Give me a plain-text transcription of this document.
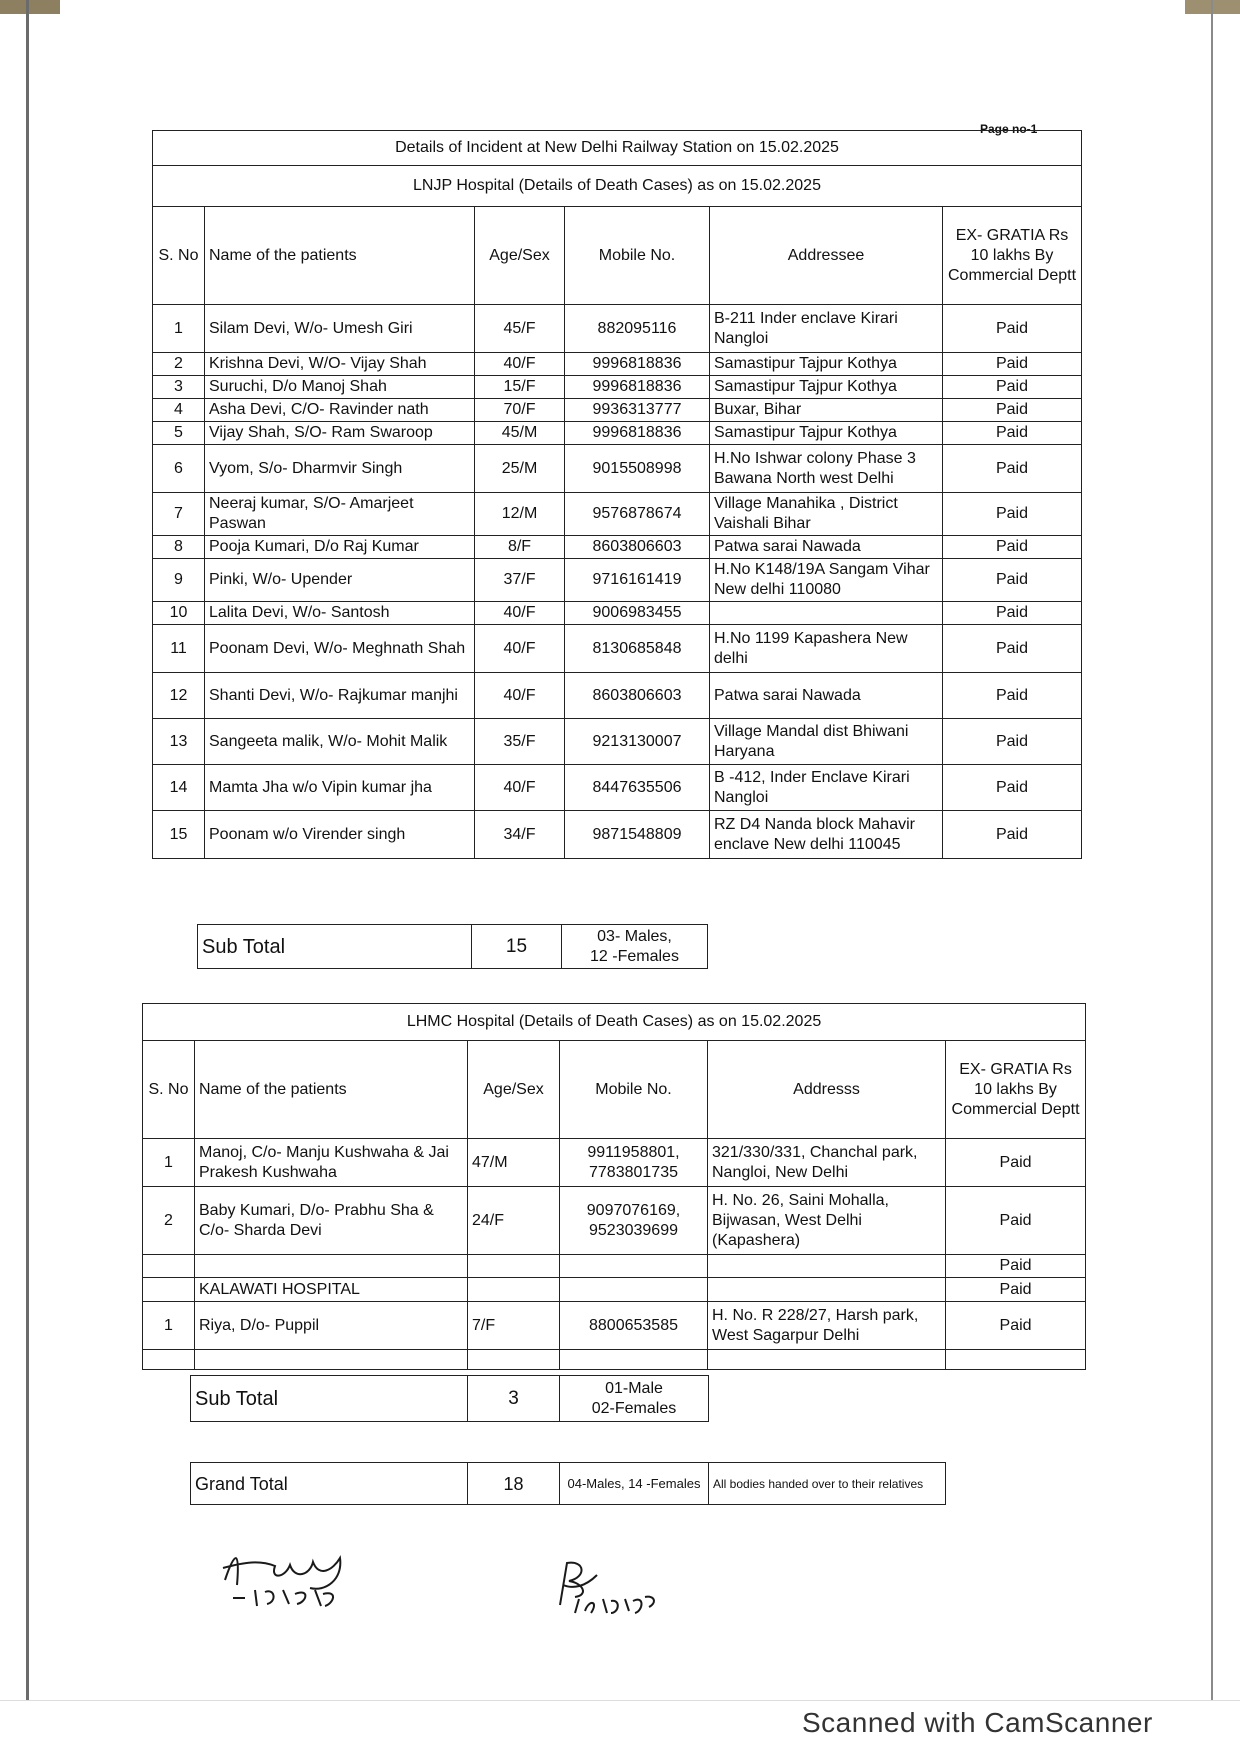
Page no-1
Details of Incident at New Delhi Railway Station on 15.02.2025					
LNJP Hospital (Details of Death Cases) as on 15.02.2025					
S. No	Name of the patients	Age/Sex	Mobile No.	Addressee	EX- GRATIA Rs 10 lakhs By Commercial Deptt
1	Silam Devi, W/o- Umesh Giri	45/F	882095116	B-211 Inder enclave Kirari Nangloi	Paid
2	Krishna Devi, W/O- Vijay Shah	40/F	9996818836	Samastipur Tajpur Kothya	Paid
3	Suruchi, D/o Manoj Shah	15/F	9996818836	Samastipur Tajpur Kothya	Paid
4	Asha Devi, C/O- Ravinder nath	70/F	9936313777	Buxar, Bihar	Paid
5	Vijay Shah, S/O- Ram Swaroop	45/M	9996818836	Samastipur Tajpur Kothya	Paid
6	Vyom, S/o- Dharmvir Singh	25/M	9015508998	H.No Ishwar colony Phase 3 Bawana North west Delhi	Paid
7	Neeraj kumar, S/O- Amarjeet Paswan	12/M	9576878674	Village Manahika , District Vaishali Bihar	Paid
8	Pooja Kumari, D/o Raj Kumar	8/F	8603806603	Patwa sarai Nawada	Paid
9	Pinki, W/o- Upender	37/F	9716161419	H.No K148/19A Sangam Vihar New delhi 110080	Paid
10	Lalita Devi, W/o- Santosh	40/F	9006983455		Paid
11	Poonam Devi, W/o- Meghnath Shah	40/F	8130685848	H.No 1199 Kapashera New delhi	Paid
12	Shanti Devi, W/o- Rajkumar manjhi	40/F	8603806603	Patwa sarai Nawada	Paid
13	Sangeeta malik, W/o- Mohit Malik	35/F	9213130007	Village Mandal dist Bhiwani Haryana	Paid
14	Mamta Jha w/o Vipin kumar jha	40/F	8447635506	B -412, Inder Enclave Kirari Nangloi	Paid
15	Poonam w/o Virender singh	34/F	9871548809	RZ D4 Nanda block Mahavir enclave New delhi 110045	Paid
Sub Total	15	03- Males,
12 -Females
LHMC Hospital (Details of Death Cases) as on 15.02.2025					
S. No	Name of the patients	Age/Sex	Mobile No.	Addresss	EX- GRATIA Rs 10 lakhs By Commercial Deptt
1	Manoj, C/o- Manju Kushwaha & Jai Prakesh Kushwaha	47/M	9911958801, 7783801735	321/330/331, Chanchal park, Nangloi, New Delhi	Paid
2	Baby Kumari, D/o- Prabhu Sha & C/o- Sharda Devi	24/F	9097076169, 9523039699	H. No. 26, Saini Mohalla, Bijwasan, West Delhi (Kapashera)	Paid
					Paid
	KALAWATI HOSPITAL				Paid
1	Riya, D/o- Puppil	7/F	8800653585	H. No. R 228/27, Harsh park, West Sagarpur Delhi	Paid

Sub Total	3	01-Male
02-Females
Grand Total	18	04-Males, 14 -Females	All bodies handed over to their relatives
Scanned with CamScanner
